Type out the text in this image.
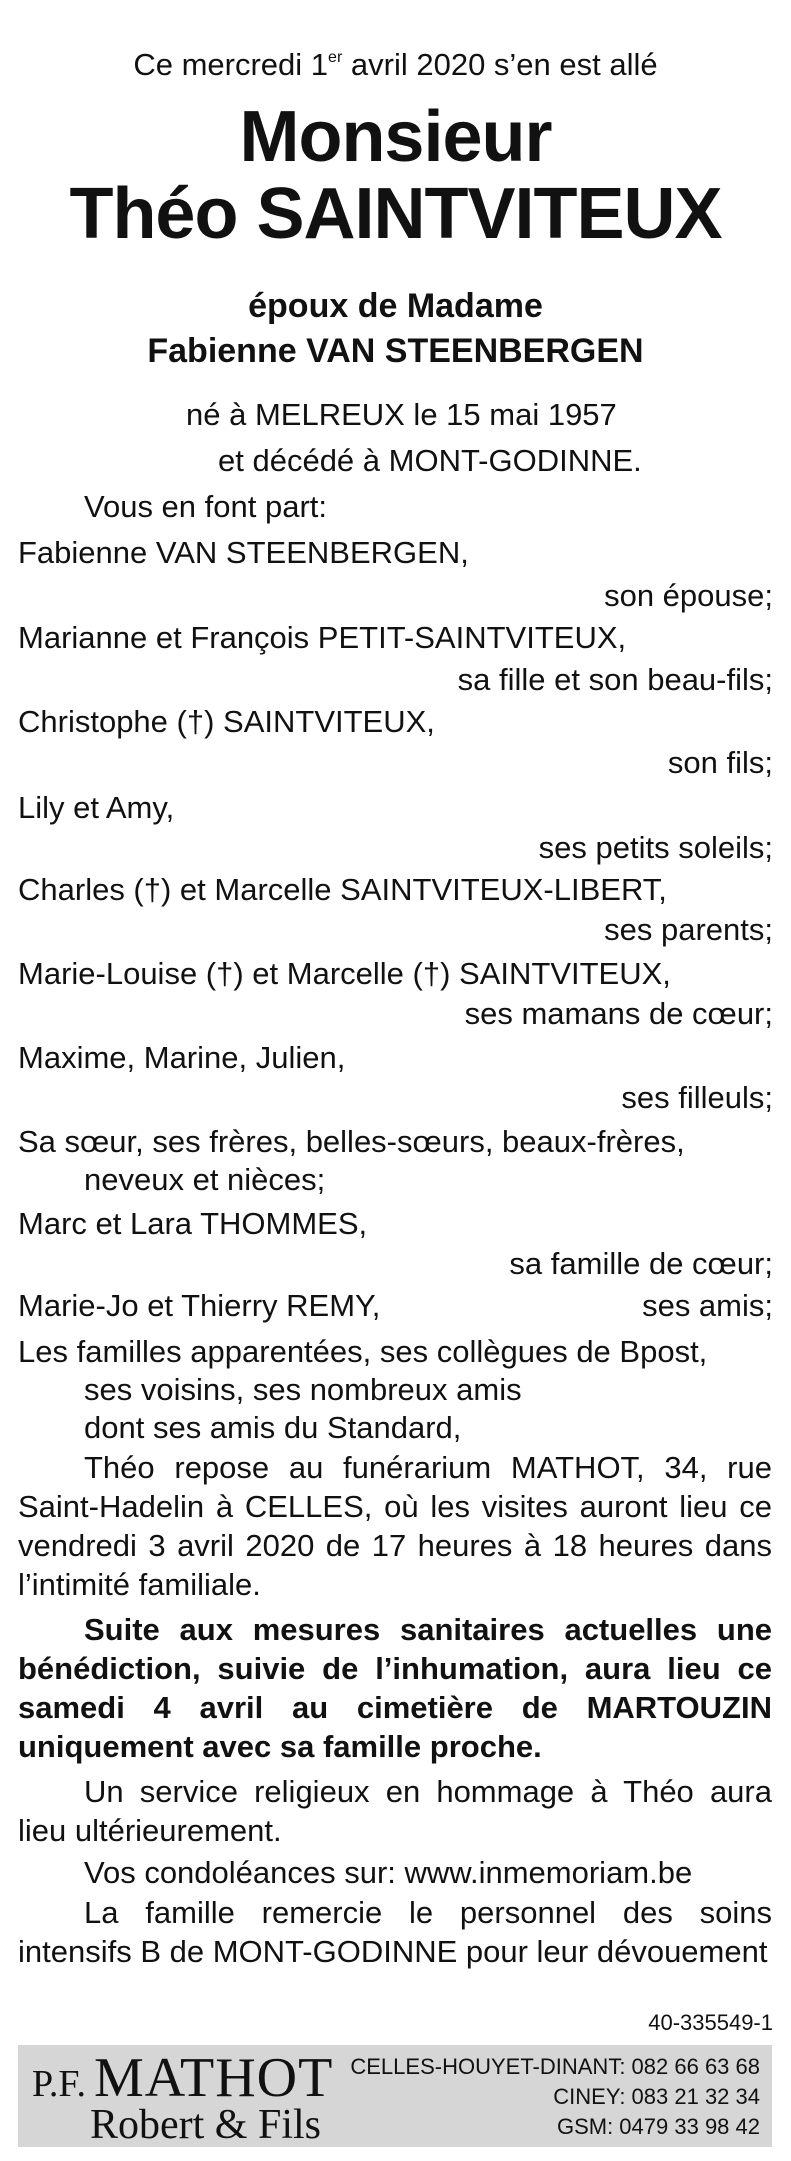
Ce mercredi 1er avril 2020 s’en est allé
Monsieur
Théo SAINTVITEUX
époux de Madame
Fabienne VAN STEENBERGEN
né à MELREUX le 15 mai 1957
et décédé à MONT-GODINNE.
Vous en font part:
Fabienne VAN STEENBERGEN,
son épouse;
Marianne et François PETIT-SAINTVITEUX,
sa fille et son beau-fils;
Christophe (†) SAINTVITEUX,
son fils;
Lily et Amy,
ses petits soleils;
Charles (†) et Marcelle SAINTVITEUX-LIBERT,
ses parents;
Marie-Louise (†) et Marcelle (†) SAINTVITEUX,
ses mamans de cœur;
Maxime, Marine, Julien,
ses filleuls;
Sa sœur, ses frères, belles-sœurs, beaux-frères,
neveux et nièces;
Marc et Lara THOMMES,
sa famille de cœur;
Marie-Jo et Thierry REMY,	ses amis;
Les familles apparentées, ses collègues de Bpost,
ses voisins, ses nombreux amis
dont ses amis du Standard,
Théo repose au funérarium MATHOT, 34, rue Saint-Hadelin à CELLES, où les visites auront lieu ce vendredi 3 avril 2020 de 17 heures à 18 heures dans l’intimité familiale.
Suite aux mesures sanitaires actuelles une bénédiction, suivie de l’inhumation, aura lieu ce samedi 4 avril au cimetière de MARTOUZIN uniquement avec sa famille proche.
Un service religieux en hommage à Théo aura lieu ultérieurement.
Vos condoléances sur: www.inmemoriam.be
La famille remercie le personnel des soins intensifs B de MONT-GODINNE pour leur dévouement
40-335549-1
P.F. MATHOT
Robert & Fils
CELLES-HOUYET-DINANT: 082 66 63 68
CINEY: 083 21 32 34
GSM: 0479 33 98 42
